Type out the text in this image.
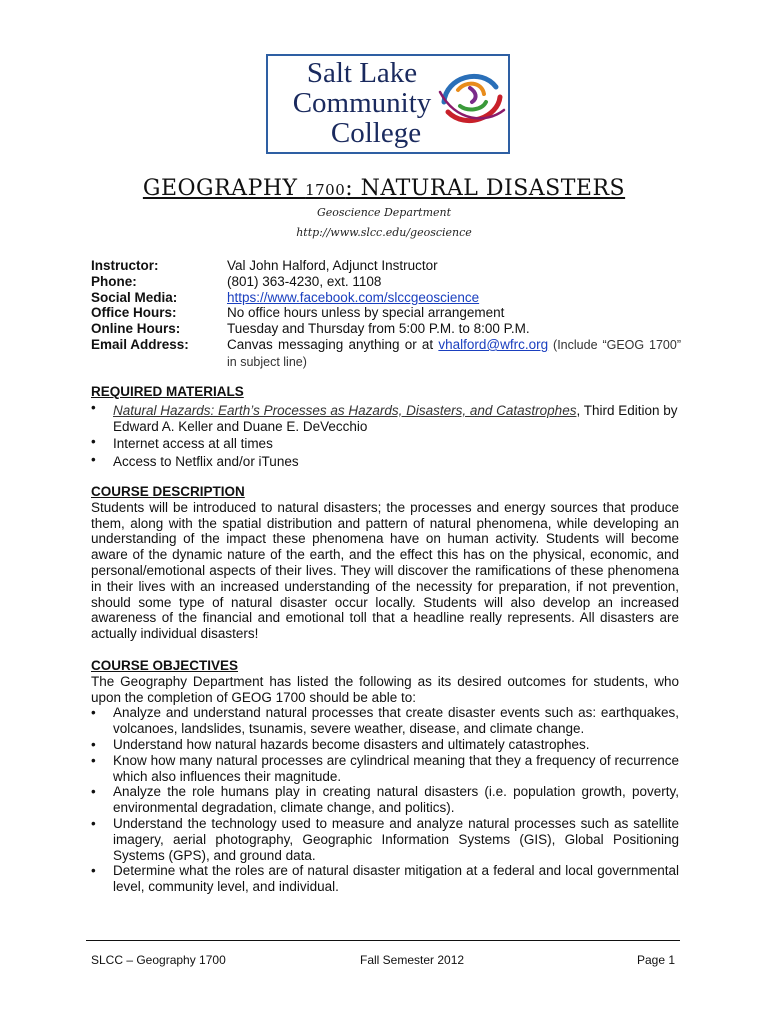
Salt Lake
Community
College
GEOGRAPHY 1700: NATURAL DISASTERS
Geoscience Department
http://www.slcc.edu/geoscience
Instructor:	Val John Halford, Adjunct Instructor
Phone:	(801) 363-4230, ext. 1108
Social Media:	https://www.facebook.com/slccgeoscience
Office Hours:	No office hours unless by special arrangement
Online Hours:	Tuesday and Thursday from 5:00 P.M. to 8:00 P.M.
Email Address:	Canvas messaging anything or at vhalford@wfrc.org (Include “GEOG 1700” in subject line)
REQUIRED MATERIALS
• Natural Hazards: Earth’s Processes as Hazards, Disasters, and Catastrophes, Third Edition by Edward A. Keller and Duane E. DeVecchio
• Internet access at all times
• Access to Netflix and/or iTunes
COURSE DESCRIPTION
Students will be introduced to natural disasters; the processes and energy sources that produce them, along with the spatial distribution and pattern of natural phenomena, while developing an understanding of the impact these phenomena have on human activity. Students will become aware of the dynamic nature of the earth, and the effect this has on the physical, economic, and personal/emotional aspects of their lives. They will discover the ramifications of these phenomena in their lives with an increased understanding of the necessity for preparation, if not prevention, should some type of natural disaster occur locally. Students will also develop an increased awareness of the financial and emotional toll that a headline really represents. All disasters are actually individual disasters!
COURSE OBJECTIVES
The Geography Department has listed the following as its desired outcomes for students, who upon the completion of GEOG 1700 should be able to:
• Analyze and understand natural processes that create disaster events such as: earthquakes, volcanoes, landslides, tsunamis, severe weather, disease, and climate change.
• Understand how natural hazards become disasters and ultimately catastrophes.
• Know how many natural processes are cylindrical meaning that they a frequency of recurrence which also influences their magnitude.
• Analyze the role humans play in creating natural disasters (i.e. population growth, poverty, environmental degradation, climate change, and politics).
• Understand the technology used to measure and analyze natural processes such as satellite imagery, aerial photography, Geographic Information Systems (GIS), Global Positioning Systems (GPS), and ground data.
• Determine what the roles are of natural disaster mitigation at a federal and local governmental level, community level, and individual.
SLCC – Geography 1700	Fall Semester 2012	Page 1
